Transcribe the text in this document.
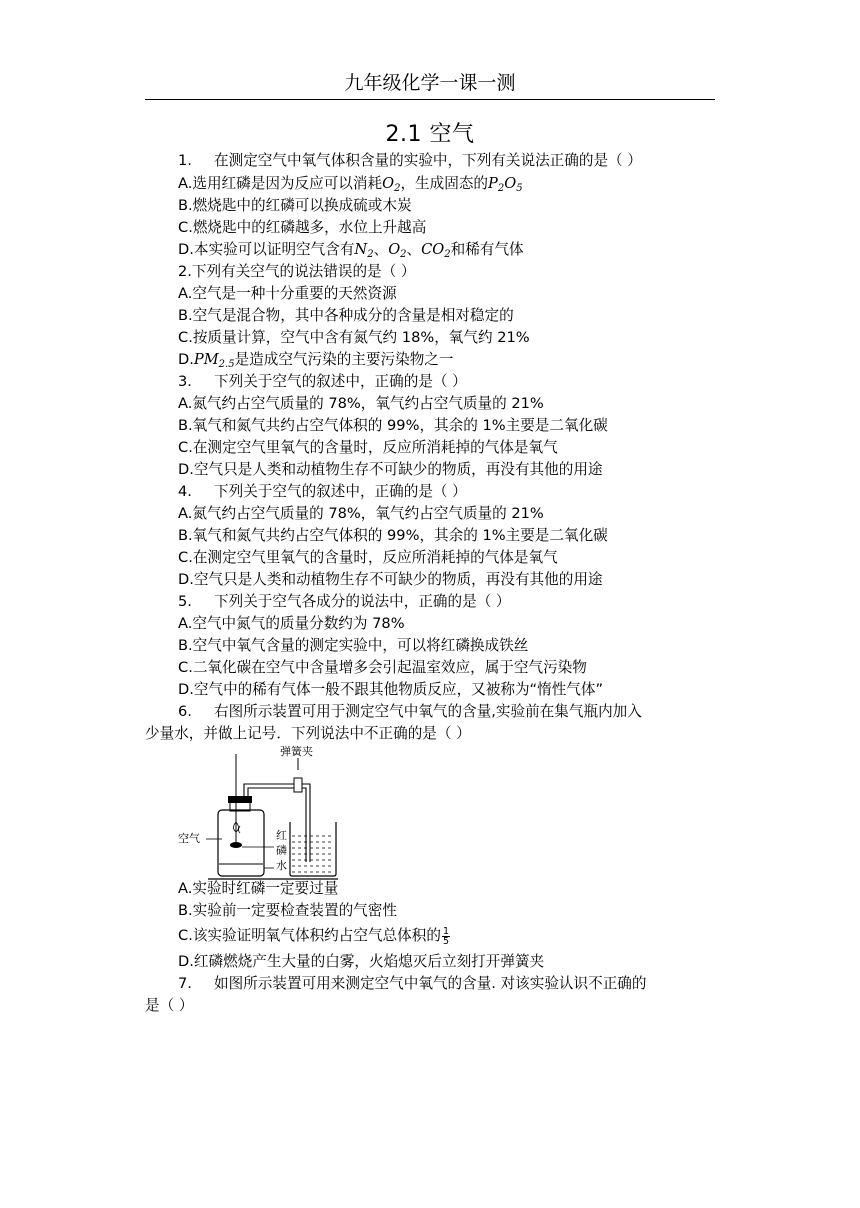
九年级化学一课一测
2.1 空气
1. 在测定空气中氧气体积含量的实验中，下列有关说法正确的是（ ）
A.选用红磷是因为反应可以消耗$O_2$，生成固态的$P_2O_5$
B.燃烧匙中的红磷可以换成硫或木炭
C.燃烧匙中的红磷越多，水位上升越高
D.本实验可以证明空气含有$N_2$、$O_2$、$CO_2$和稀有气体
2.下列有关空气的说法错误的是（ ）
A.空气是一种十分重要的天然资源
B.空气是混合物，其中各种成分的含量是相对稳定的
C.按质量计算，空气中含有氮气约 18%，氧气约 21%
$D.PM_{2.5}$是造成空气污染的主要污染物之一
3. 下列关于空气的叙述中，正确的是（ ）
A.氮气约占空气质量的 78%，氧气约占空气质量的 21%
B.氧气和氮气共约占空气体积的 99%，其余的 1%主要是二氧化碳
C.在测定空气里氧气的含量时，反应所消耗掉的气体是氧气
D.空气只是人类和动植物生存不可缺少的物质，再没有其他的用途
4. 下列关于空气的叙述中，正确的是（ ）
A.氮气约占空气质量的 78%，氧气约占空气质量的 21%
B.氧气和氮气共约占空气体积的 99%，其余的 1%主要是二氧化碳
C.在测定空气里氧气的含量时，反应所消耗掉的气体是氧气
D.空气只是人类和动植物生存不可缺少的物质，再没有其他的用途
5. 下列关于空气各成分的说法中，正确的是（ ）
A.空气中氮气的质量分数约为 78%
B.空气中氧气含量的测定实验中，可以将红磷换成铁丝
C.二氧化碳在空气中含量增多会引起温室效应，属于空气污染物
D.空气中的稀有气体一般不跟其他物质反应，又被称为“惰性气体”
6. 右图所示装置可用于测定空气中氧气的含量,实验前在集气瓶内加入
少量水，并做上记号．下列说法中不正确的是（ ）
弹簧夹
空气	红
磷
水
A.实验时红磷一定要过量
B.实验前一定要检查装置的气密性
C.该实验证明氧气体积约占空气总体积的 $\frac{1}{5}$
D.红磷燃烧产生大量的白雾，火焰熄灭后立刻打开弹簧夹
7. 如图所示装置可用来测定空气中氧气的含量. 对该实验认识不正确的
是（ ）
